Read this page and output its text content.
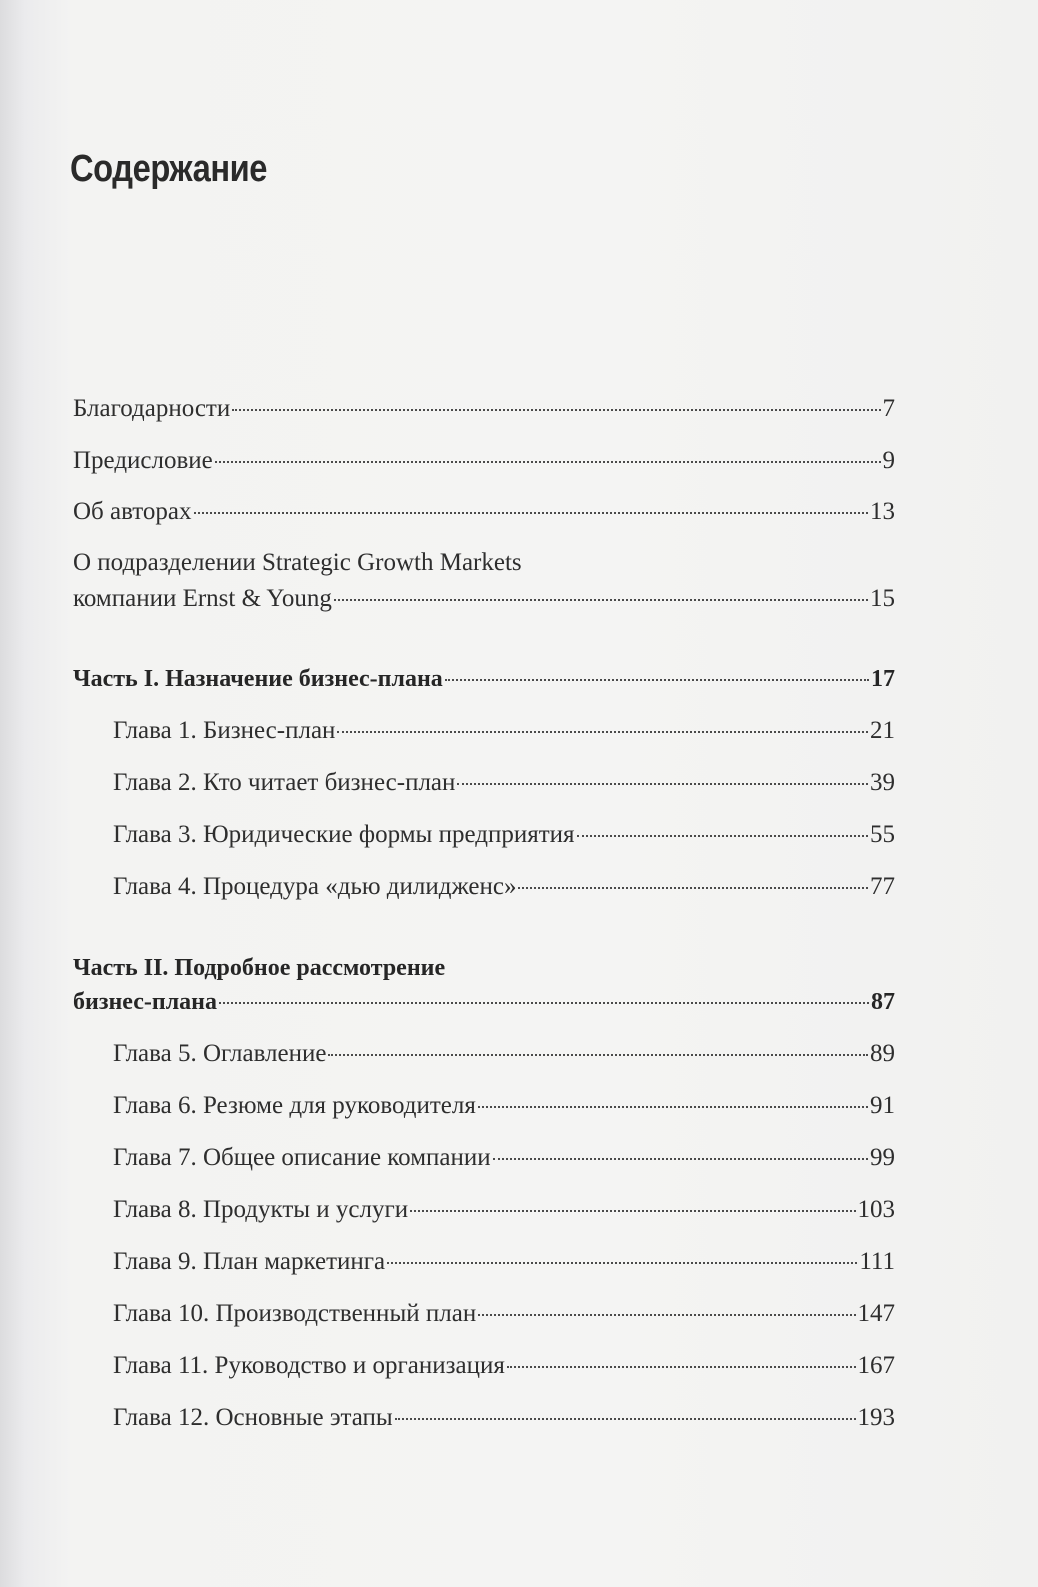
Содержание
Благодарности	7
Предисловие	9
Об авторах	13
О подразделении Strategic Growth Markets
компании Ernst & Young	15
Часть I. Назначение бизнес-плана	17
Глава 1. Бизнес-план	21
Глава 2. Кто читает бизнес-план	39
Глава 3. Юридические формы предприятия	55
Глава 4. Процедура «дью дилидженс»	77
Часть II. Подробное рассмотрение
бизнес-плана	87
Глава 5. Оглавление	89
Глава 6. Резюме для руководителя	91
Глава 7. Общее описание компании	99
Глава 8. Продукты и услуги	103
Глава 9. План маркетинга	111
Глава 10. Производственный план	147
Глава 11. Руководство и организация	167
Глава 12. Основные этапы	193
